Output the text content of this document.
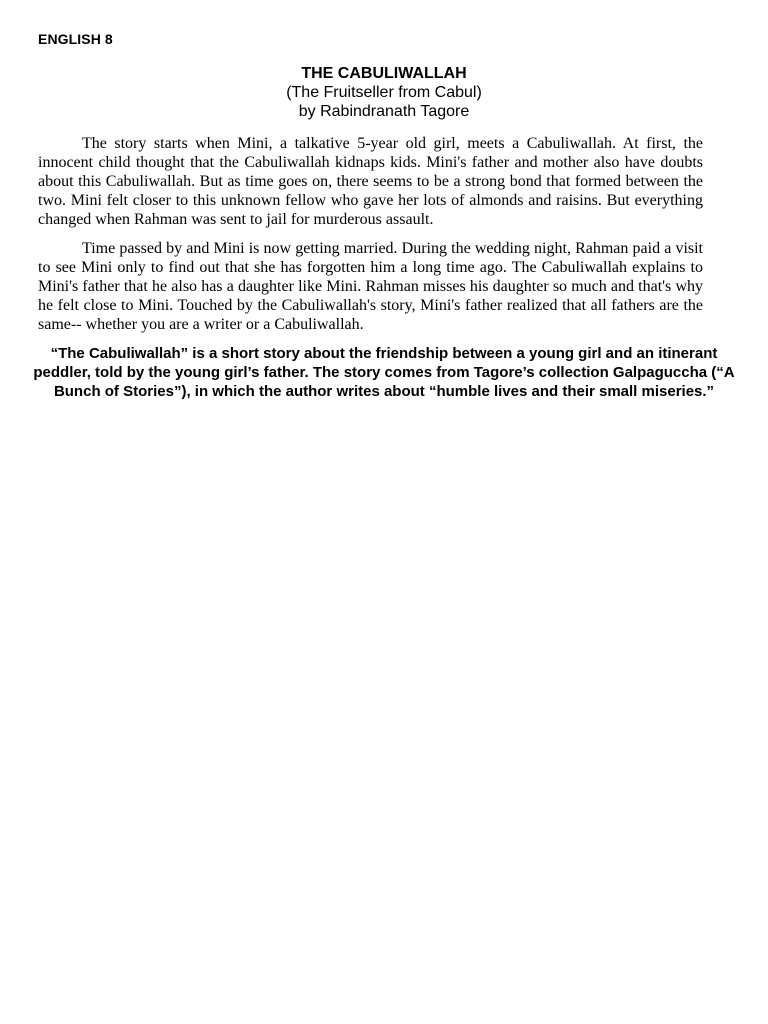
ENGLISH 8
THE CABULIWALLAH
(The Fruitseller from Cabul)
by Rabindranath Tagore

The story starts when Mini, a talkative 5-year old girl, meets a Cabuliwallah. At first, the innocent child thought that the Cabuliwallah kidnaps kids. Mini's father and mother also have doubts about this Cabuliwallah. But as time goes on, there seems to be a strong bond that formed between the two. Mini felt closer to this unknown fellow who gave her lots of almonds and raisins. But everything changed when Rahman was sent to jail for murderous assault.

Time passed by and Mini is now getting married. During the wedding night, Rahman paid a visit to see Mini only to find out that she has forgotten him a long time ago. The Cabuliwallah explains to Mini's father that he also has a daughter like Mini. Rahman misses his daughter so much and that's why he felt close to Mini. Touched by the Cabuliwallah's story, Mini's father realized that all fathers are the same-- whether you are a writer or a Cabuliwallah.

“The Cabuliwallah” is a short story about the friendship between a young girl and an itinerant peddler, told by the young girl’s father. The story comes from Tagore’s collection Galpaguccha (“A Bunch of Stories”), in which the author writes about “humble lives and their small miseries.”
